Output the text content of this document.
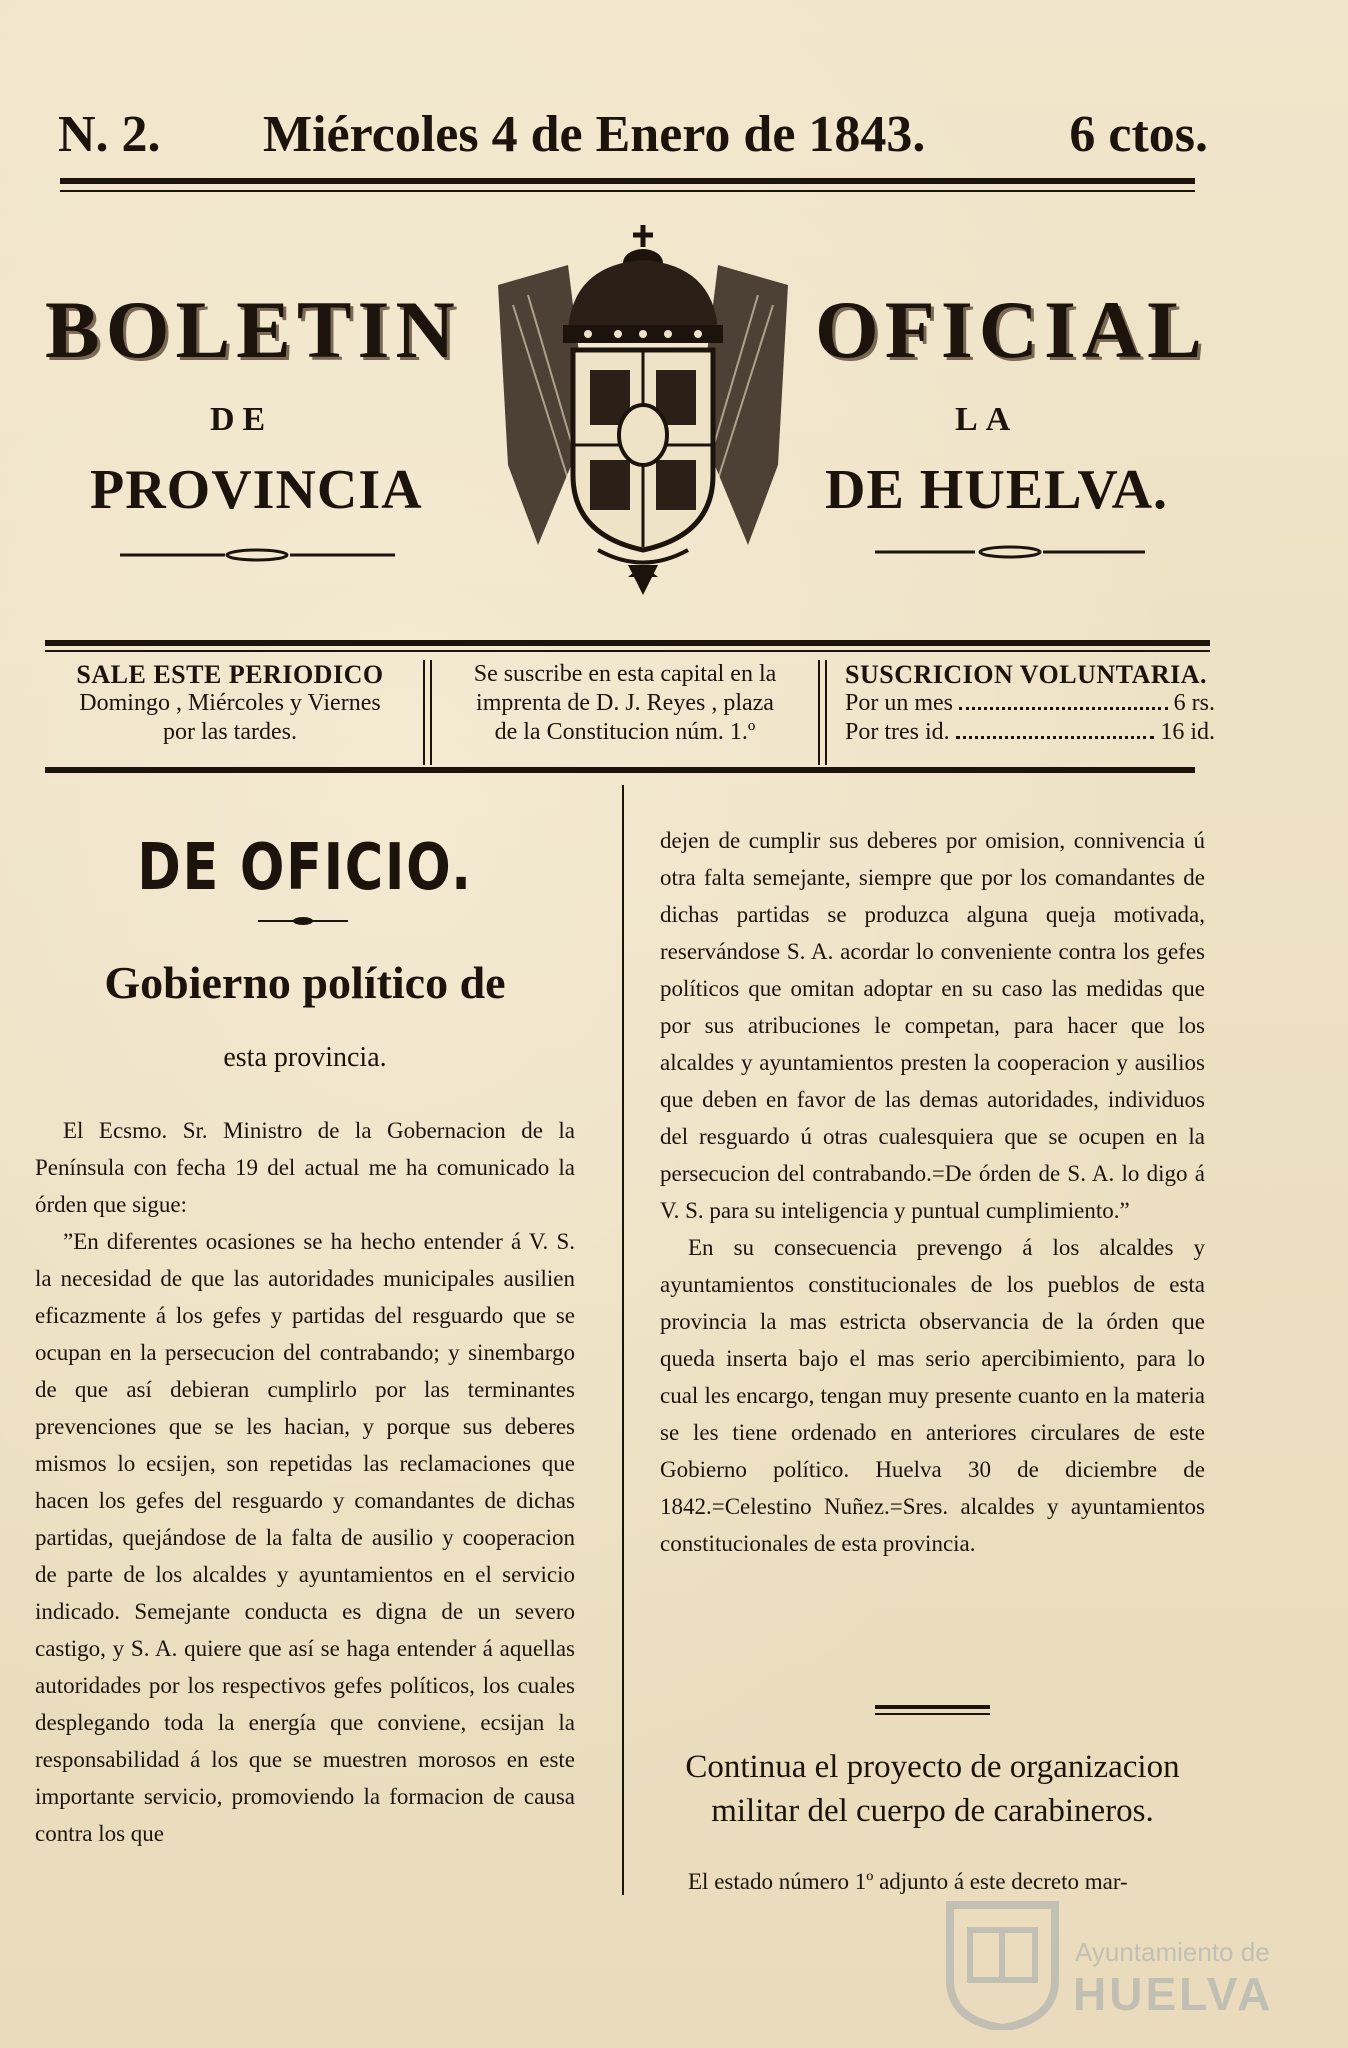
N. 2. Miércoles 4 de Enero de 1843.	6 ctos.
BOLETIN	OFICIAL
DE	LA
PROVINCIA	DE HUELVA.
SALE ESTE PERIODICO
Domingo , Miércoles y Viernes
por las tardes.
Se suscribe en esta capital en la
imprenta de D. J. Reyes , plaza
de la Constitucion núm. 1.º
SUSCRICION VOLUNTARIA.
Por un mes	6 rs.
Por tres id.	16 id.
DE OFICIO.
Gobierno político de
esta provincia.

El Ecsmo. Sr. Ministro de la Gobernacion de la Península con fecha 19 del actual me ha comunicado la órden que sigue:

”En diferentes ocasiones se ha hecho entender á V. S. la necesidad de que las autoridades municipales ausilien eficazmente á los gefes y partidas del resguardo que se ocupan en la persecucion del contrabando; y sinembargo de que así debieran cumplirlo por las terminantes prevenciones que se les hacian, y porque sus deberes mismos lo ecsijen, son repetidas las reclamaciones que hacen los gefes del resguardo y comandantes de dichas partidas, quejándose de la falta de ausilio y cooperacion de parte de los alcaldes y ayuntamientos en el servicio indicado. Semejante conducta es digna de un severo castigo, y S. A. quiere que así se haga entender á aquellas autoridades por los respectivos gefes políticos, los cuales desplegando toda la energía que conviene, ecsijan la responsabilidad á los que se muestren morosos en este importante servicio, promoviendo la formacion de causa contra los que

dejen de cumplir sus deberes por omision, connivencia ú otra falta semejante, siempre que por los comandantes de dichas partidas se produzca alguna queja motivada, reservándose S. A. acordar lo conveniente contra los gefes políticos que omitan adoptar en su caso las medidas que por sus atribuciones le competan, para hacer que los alcaldes y ayuntamientos presten la cooperacion y ausilios que deben en favor de las demas autoridades, individuos del resguardo ú otras cualesquiera que se ocupen en la persecucion del contrabando.=De órden de S. A. lo digo á V. S. para su inteligencia y puntual cumplimiento.”

En su consecuencia prevengo á los alcaldes y ayuntamientos constitucionales de los pueblos de esta provincia la mas estricta observancia de la órden que queda inserta bajo el mas serio apercibimiento, para lo cual les encargo, tengan muy presente cuanto en la materia se les tiene ordenado en anteriores circulares de este Gobierno político. Huelva 30 de diciembre de 1842.=Celestino Nuñez.=Sres. alcaldes y ayuntamientos constitucionales de esta provincia.

Continua el proyecto de organizacion
militar del cuerpo de carabineros.
El estado número 1º adjunto á este decreto mar-
Ayuntamiento de
HUELVA
